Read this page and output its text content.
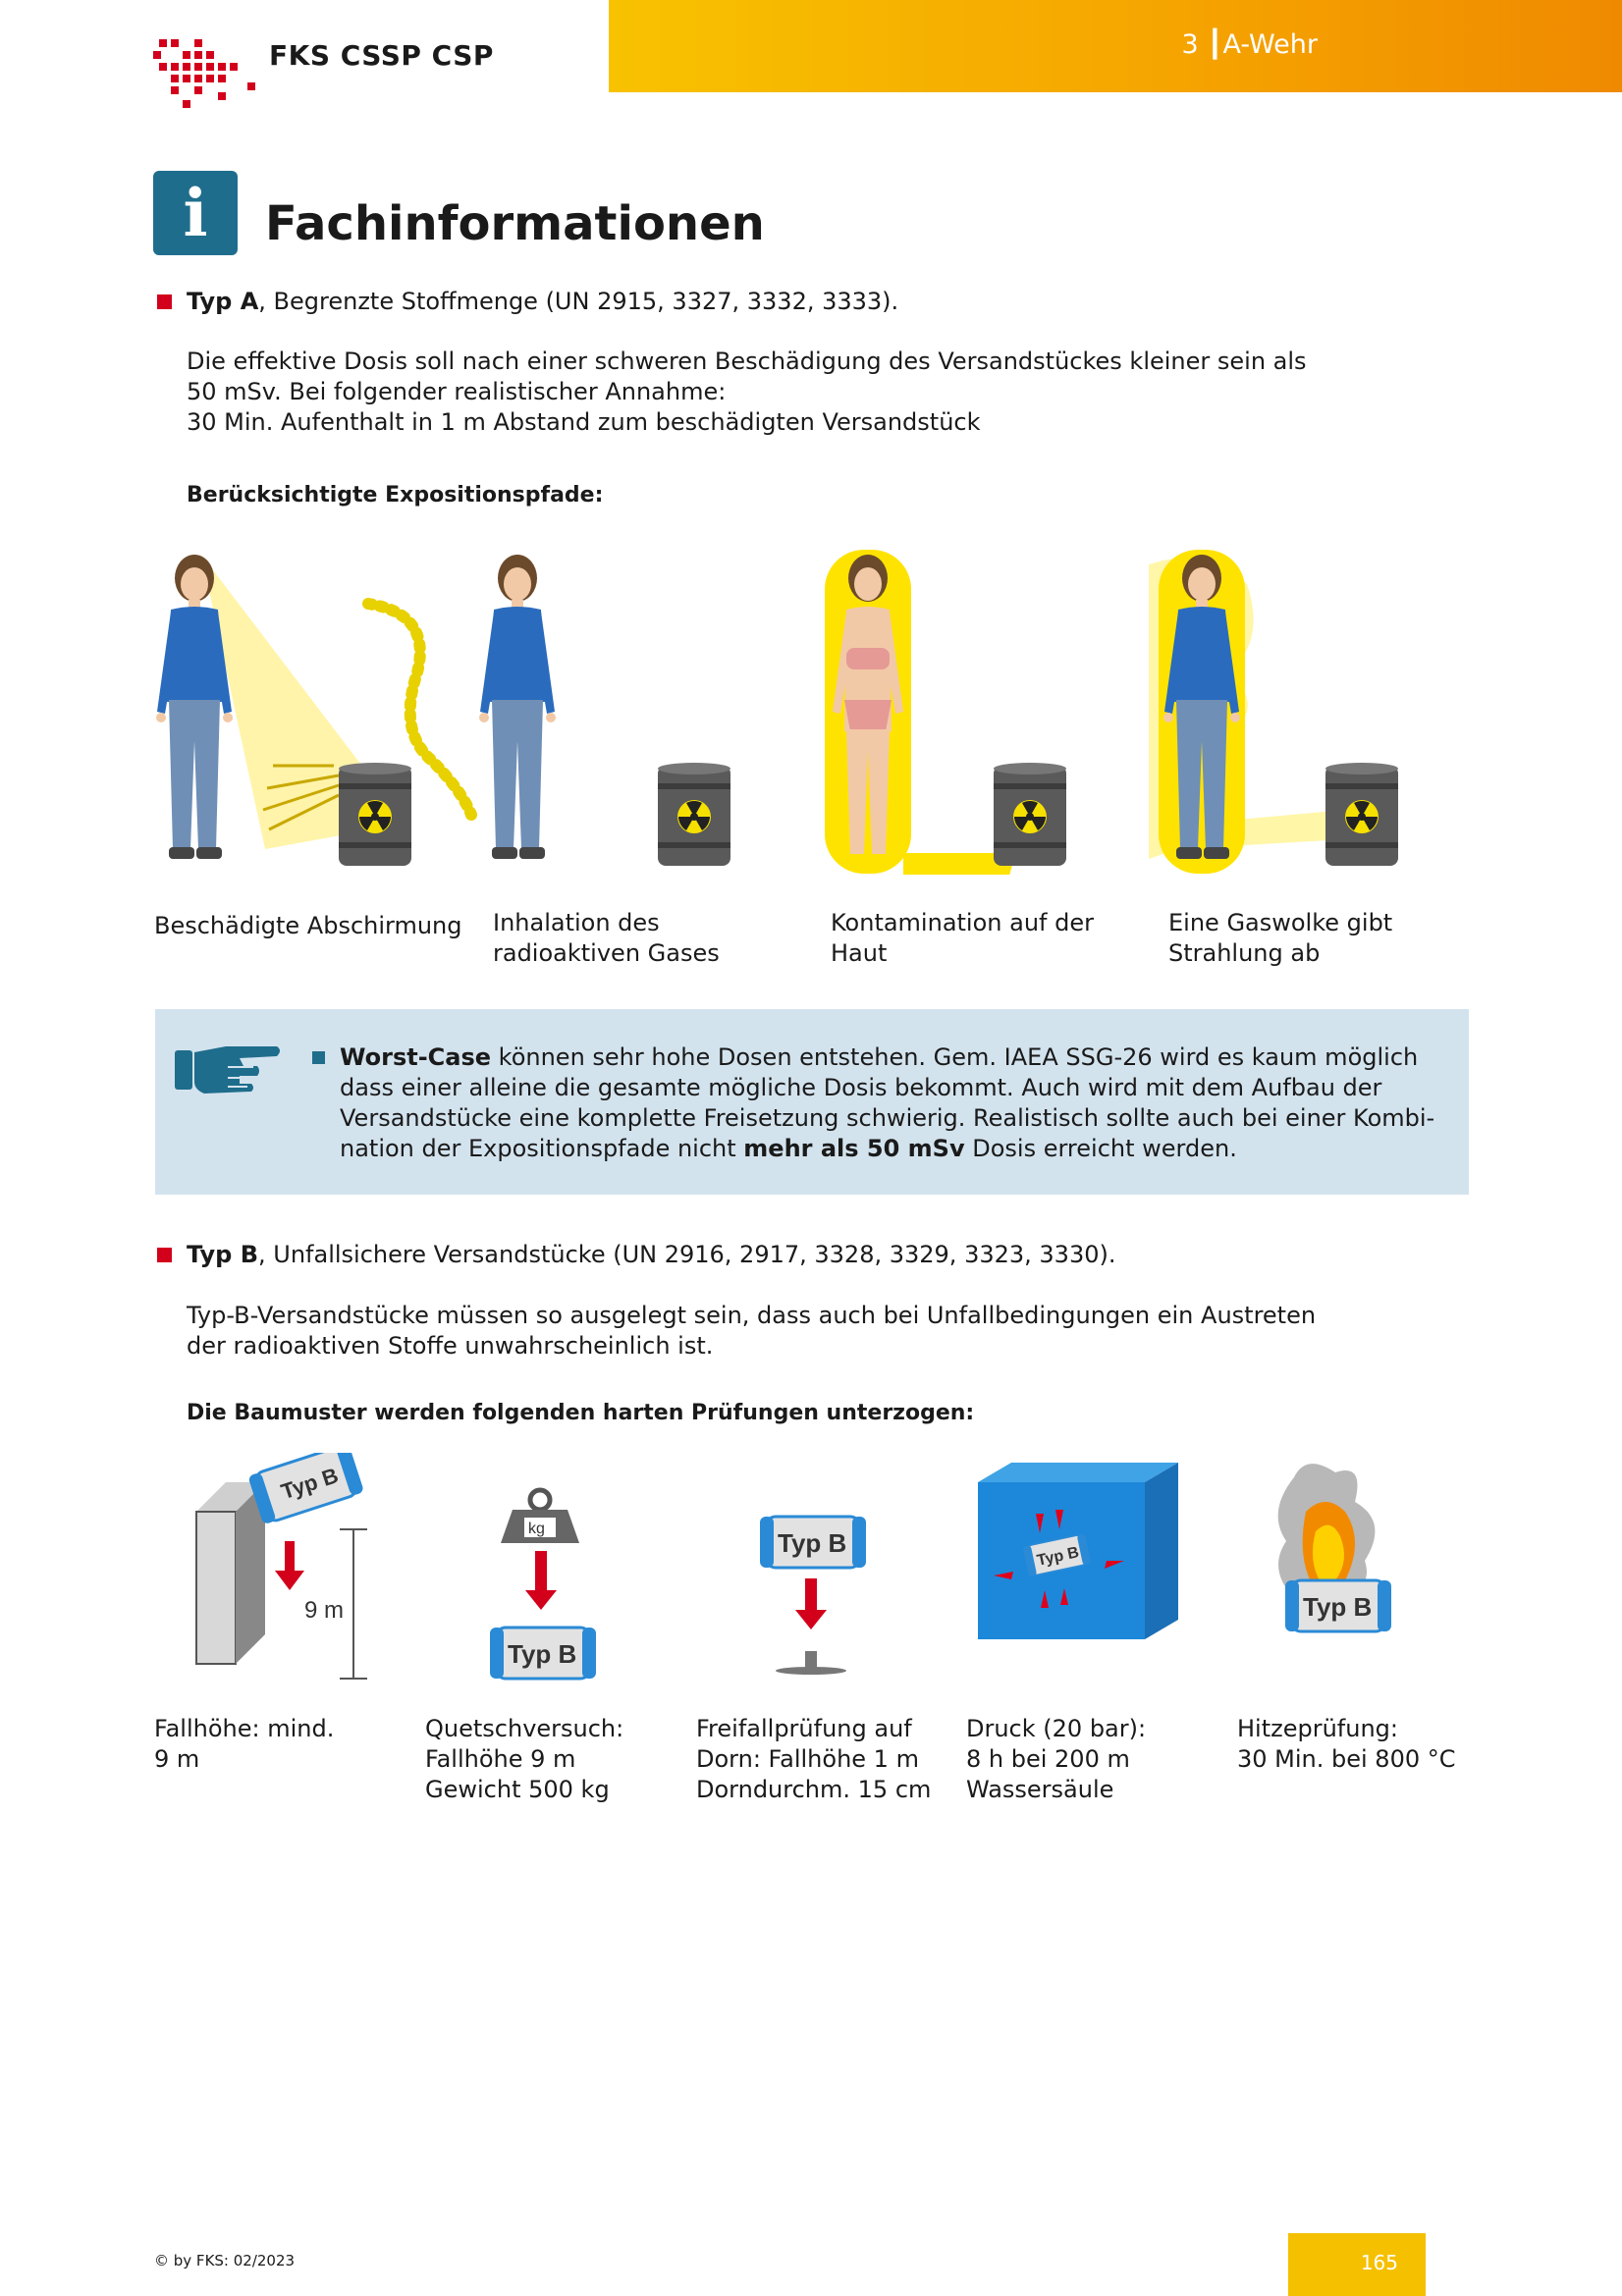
FKS CSSP CSP	3 ┃A-Wehr
i	Fachinformationen
Typ A, Begrenzte Stoffmenge (UN 2915, 3327, 3332, 3333).
Die effektive Dosis soll nach einer schweren Beschädigung des Versandstückes kleiner sein als
50 mSv. Bei folgender realistischer Annahme:
30 Min. Aufenthalt in 1 m Abstand zum beschädigten Versandstück
Berücksichtigte Expositionspfade:
Beschädigte Abschirmung Inhalation des
radioaktiven Gases
Kontamination auf der
Haut
Eine Gaswolke gibt
Strahlung ab
Worst-Case können sehr hohe Dosen entstehen. Gem. IAEA SSG-26 wird es kaum möglich
dass einer alleine die gesamte mögliche Dosis bekommt. Auch wird mit dem Aufbau der
Versandstücke eine komplette Freisetzung schwierig. Realistisch sollte auch bei einer Kombi-
nation der Expositionspfade nicht mehr als 50 mSv Dosis erreicht werden.
Typ B, Unfallsichere Versandstücke (UN 2916, 2917, 3328, 3329, 3323, 3330).
Typ-B-Versandstücke müssen so ausgelegt sein, dass auch bei Unfallbedingungen ein Austreten
der radioaktiven Stoffe unwahrscheinlich ist.
Die Baumuster werden folgenden harten Prüfungen unterzogen:
Typ B
9 m
kg
Typ B
Typ B	Typ B
Typ B
Fallhöhe: mind.
9 m
Quetschversuch:
Fallhöhe 9 m
Gewicht 500 kg
Freifallprüfung auf
Dorn: Fallhöhe 1 m
Dorndurchm. 15 cm
Druck (20 bar):
8 h bei 200 m
Wassersäule
Hitzeprüfung:
30 Min. bei 800 °C
© by FKS: 02/2023	165
